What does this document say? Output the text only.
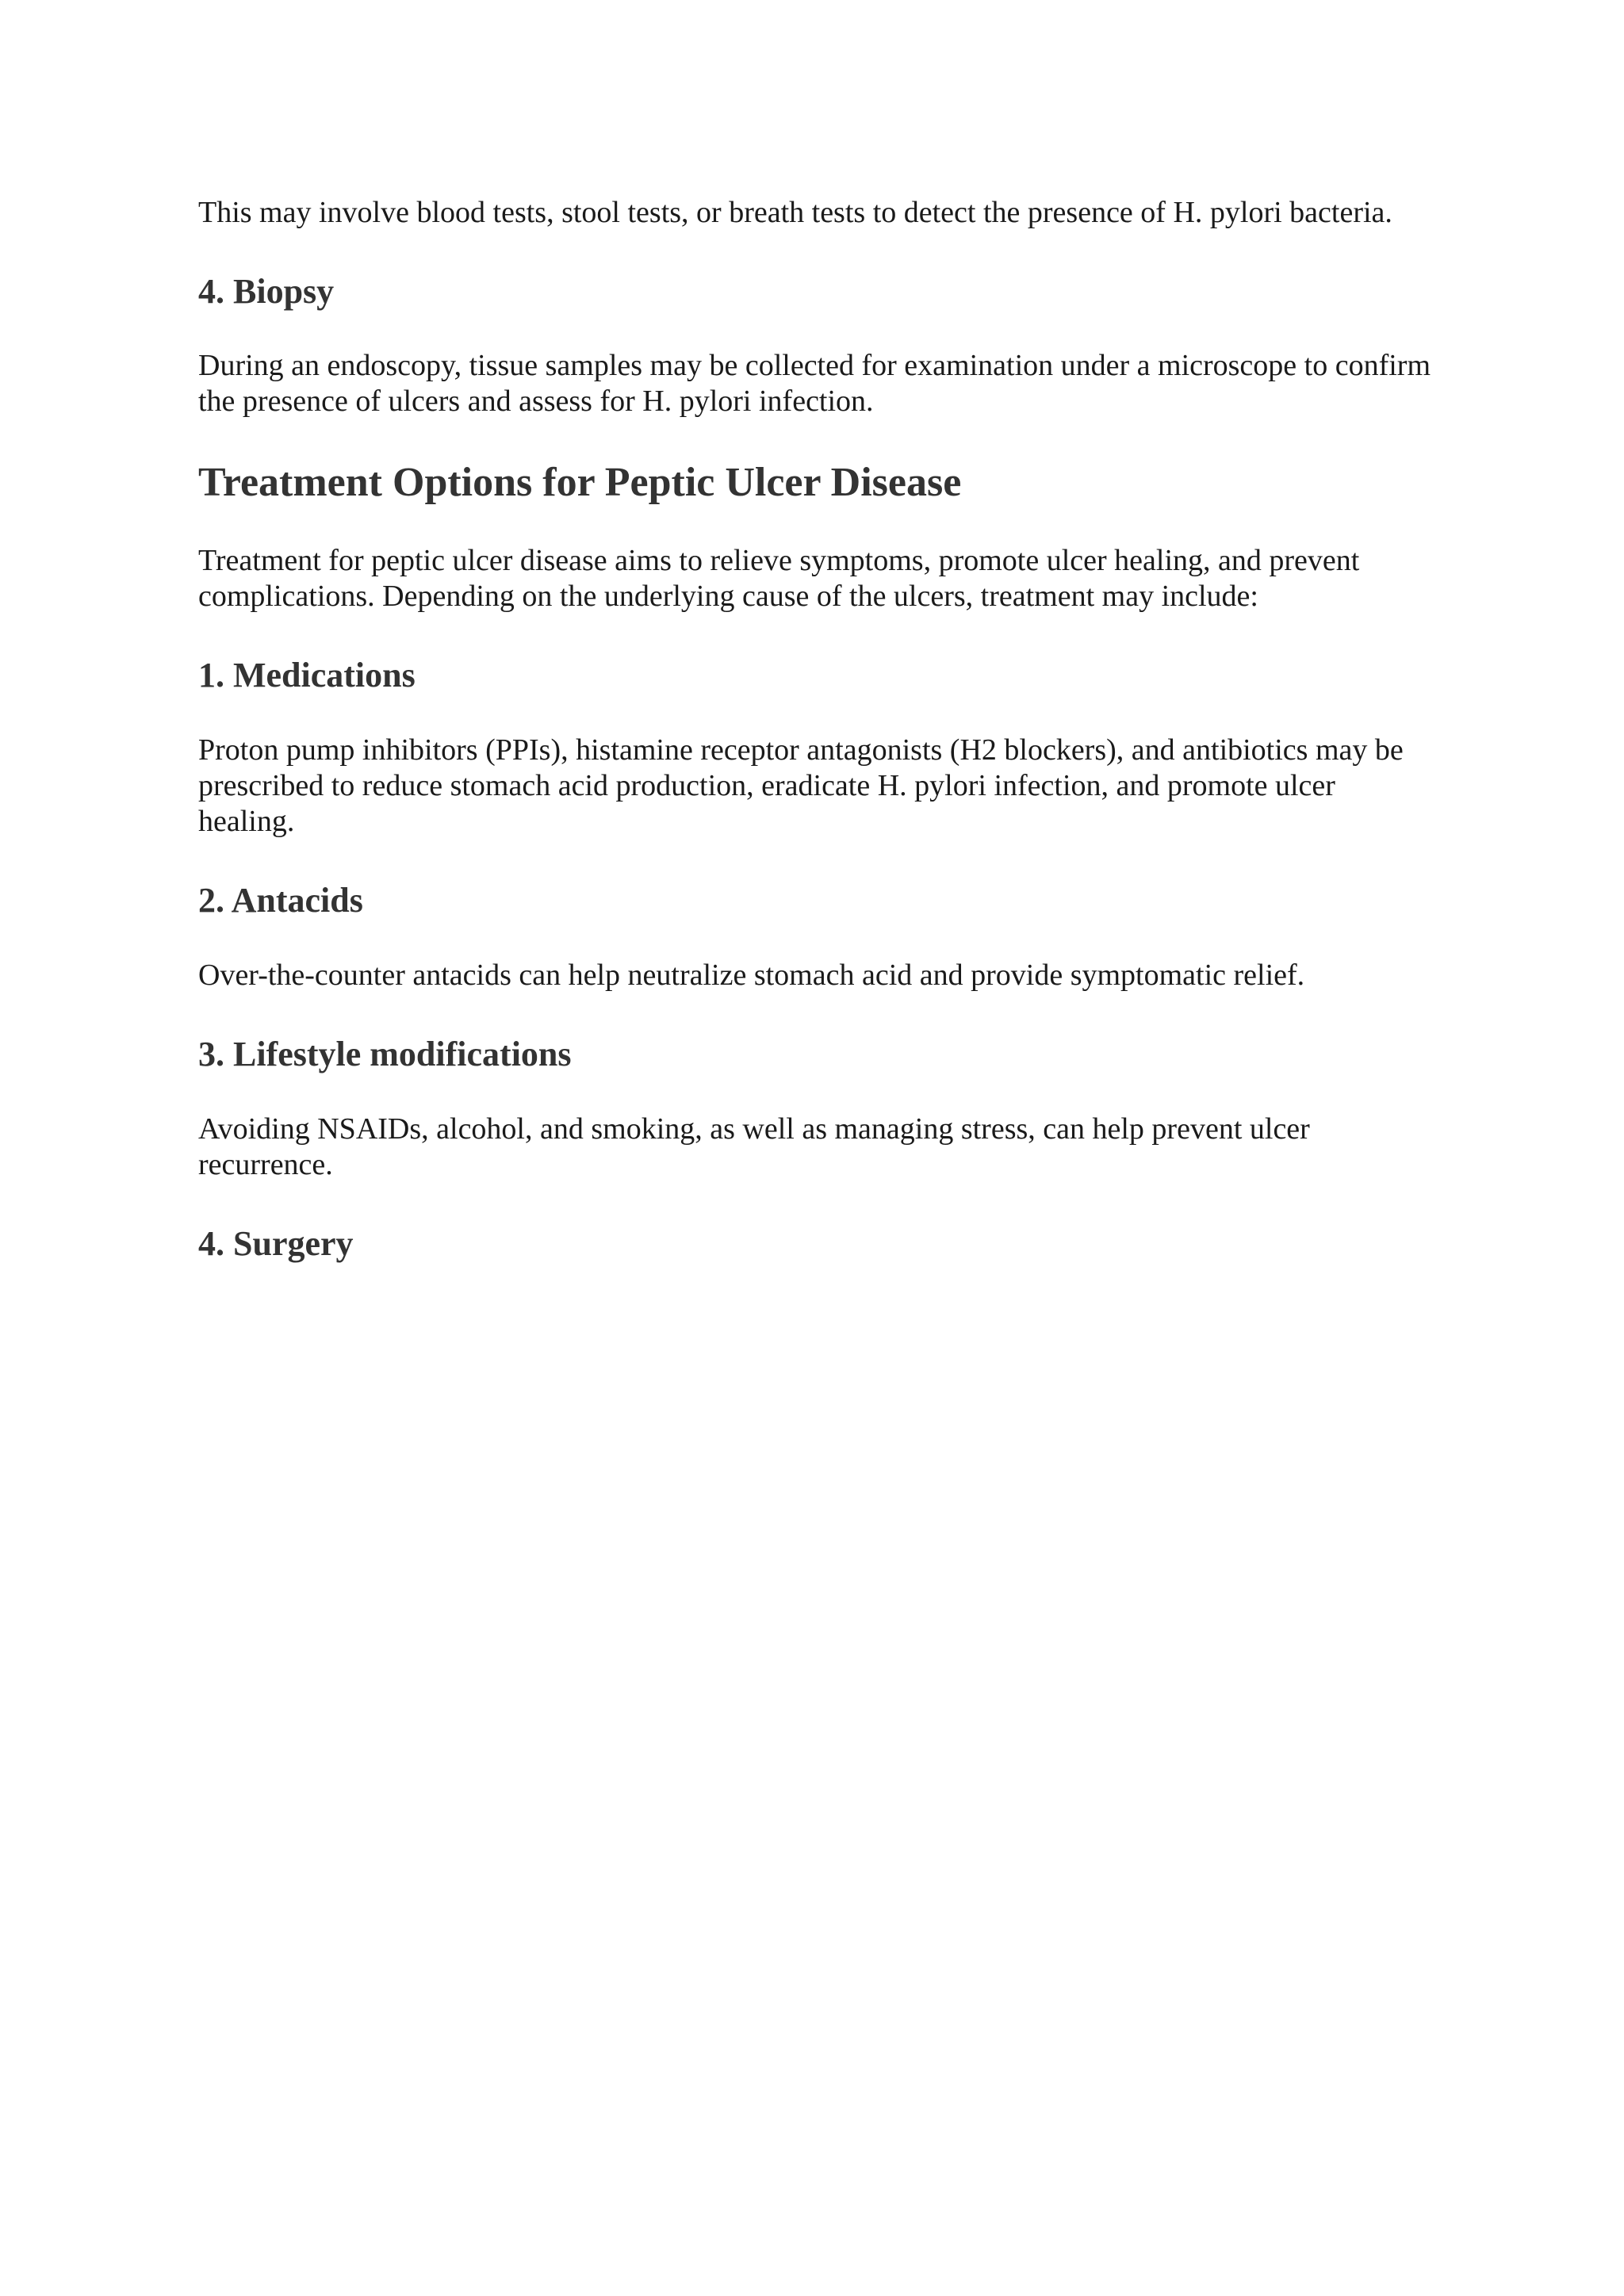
This may involve blood tests, stool tests, or breath tests to detect the presence of H. pylori bacteria.

4. Biopsy

During an endoscopy, tissue samples may be collected for examination under a microscope to confirm the presence of ulcers and assess for H. pylori infection.

Treatment Options for Peptic Ulcer Disease

Treatment for peptic ulcer disease aims to relieve symptoms, promote ulcer healing, and prevent complications. Depending on the underlying cause of the ulcers, treatment may include:

1. Medications

Proton pump inhibitors (PPIs), histamine receptor antagonists (H2 blockers), and antibiotics may be prescribed to reduce stomach acid production, eradicate H. pylori infection, and promote ulcer healing.

2. Antacids

Over-the-counter antacids can help neutralize stomach acid and provide symptomatic relief.

3. Lifestyle modifications

Avoiding NSAIDs, alcohol, and smoking, as well as managing stress, can help prevent ulcer recurrence.

4. Surgery
